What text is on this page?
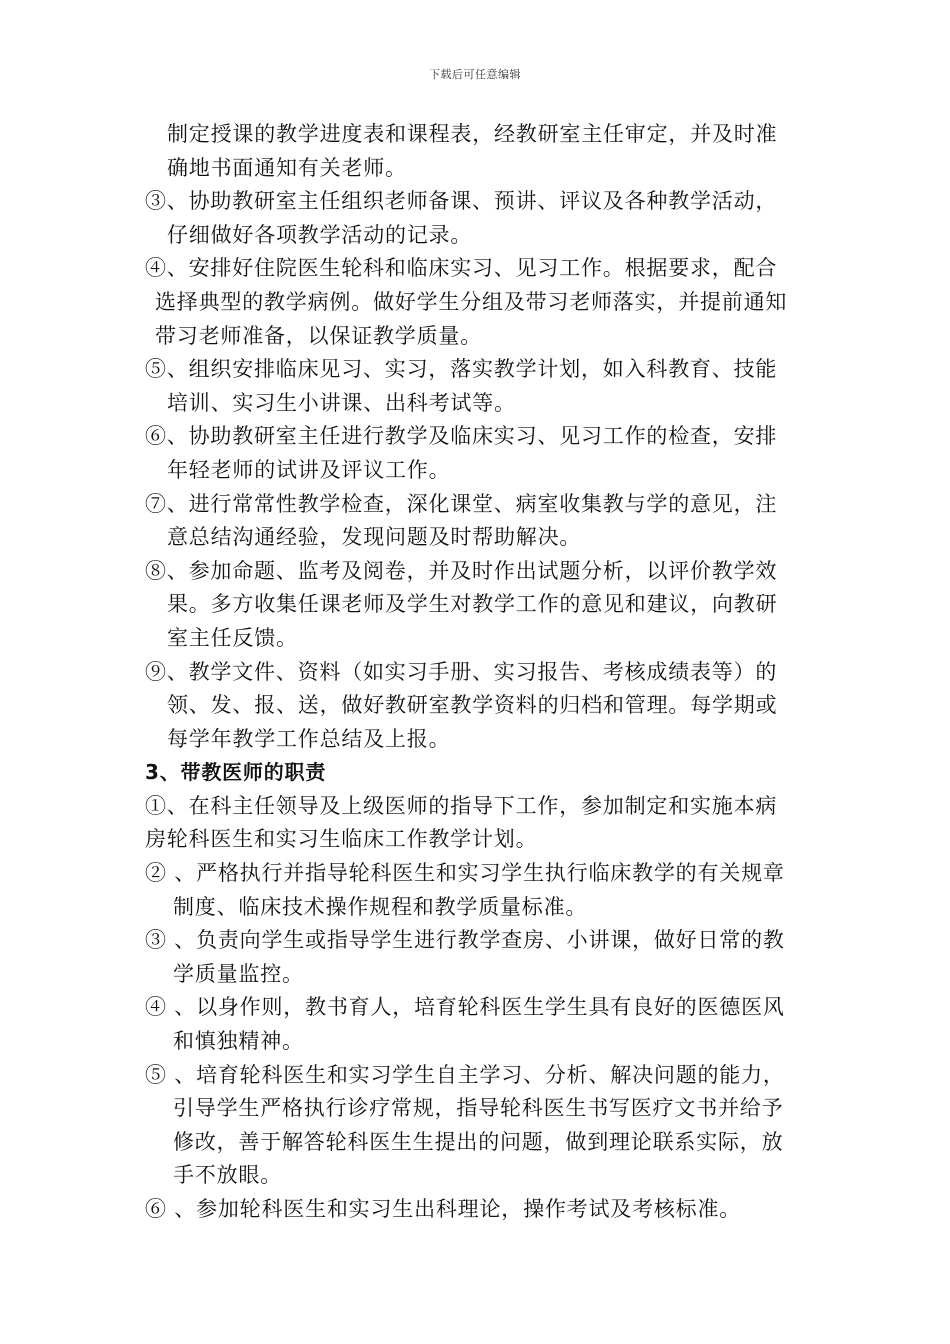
下载后可任意编辑
制定授课的教学进度表和课程表，经教研室主任审定，并及时准
确地书面通知有关老师。
③、协助教研室主任组织老师备课、预讲、评议及各种教学活动，
仔细做好各项教学活动的记录。
④、安排好住院医生轮科和临床实习、见习工作。根据要求，配合
选择典型的教学病例。做好学生分组及带习老师落实，并提前通知
带习老师准备，以保证教学质量。
⑤、组织安排临床见习、实习，落实教学计划，如入科教育、技能
培训、实习生小讲课、出科考试等。
⑥、协助教研室主任进行教学及临床实习、见习工作的检查，安排
年轻老师的试讲及评议工作。
⑦、进行常常性教学检查，深化课堂、病室收集教与学的意见，注
意总结沟通经验，发现问题及时帮助解决。
⑧、参加命题、监考及阅卷，并及时作出试题分析，以评价教学效
果。多方收集任课老师及学生对教学工作的意见和建议，向教研
室主任反馈。
⑨、教学文件、资料（如实习手册、实习报告、考核成绩表等）的
领、发、报、送，做好教研室教学资料的归档和管理。每学期或
每学年教学工作总结及上报。
3、带教医师的职责
①、在科主任领导及上级医师的指导下工作，参加制定和实施本病
房轮科医生和实习生临床工作教学计划。
② 、严格执行并指导轮科医生和实习学生执行临床教学的有关规章
制度、临床技术操作规程和教学质量标准。
③ 、负责向学生或指导学生进行教学查房、小讲课，做好日常的教
学质量监控。
④ 、以身作则，教书育人，培育轮科医生学生具有良好的医德医风
和慎独精神。
⑤ 、培育轮科医生和实习学生自主学习、分析、解决问题的能力，
引导学生严格执行诊疗常规，指导轮科医生书写医疗文书并给予
修改，善于解答轮科医生生提出的问题，做到理论联系实际，放
手不放眼。
⑥ 、参加轮科医生和实习生出科理论，操作考试及考核标准。
